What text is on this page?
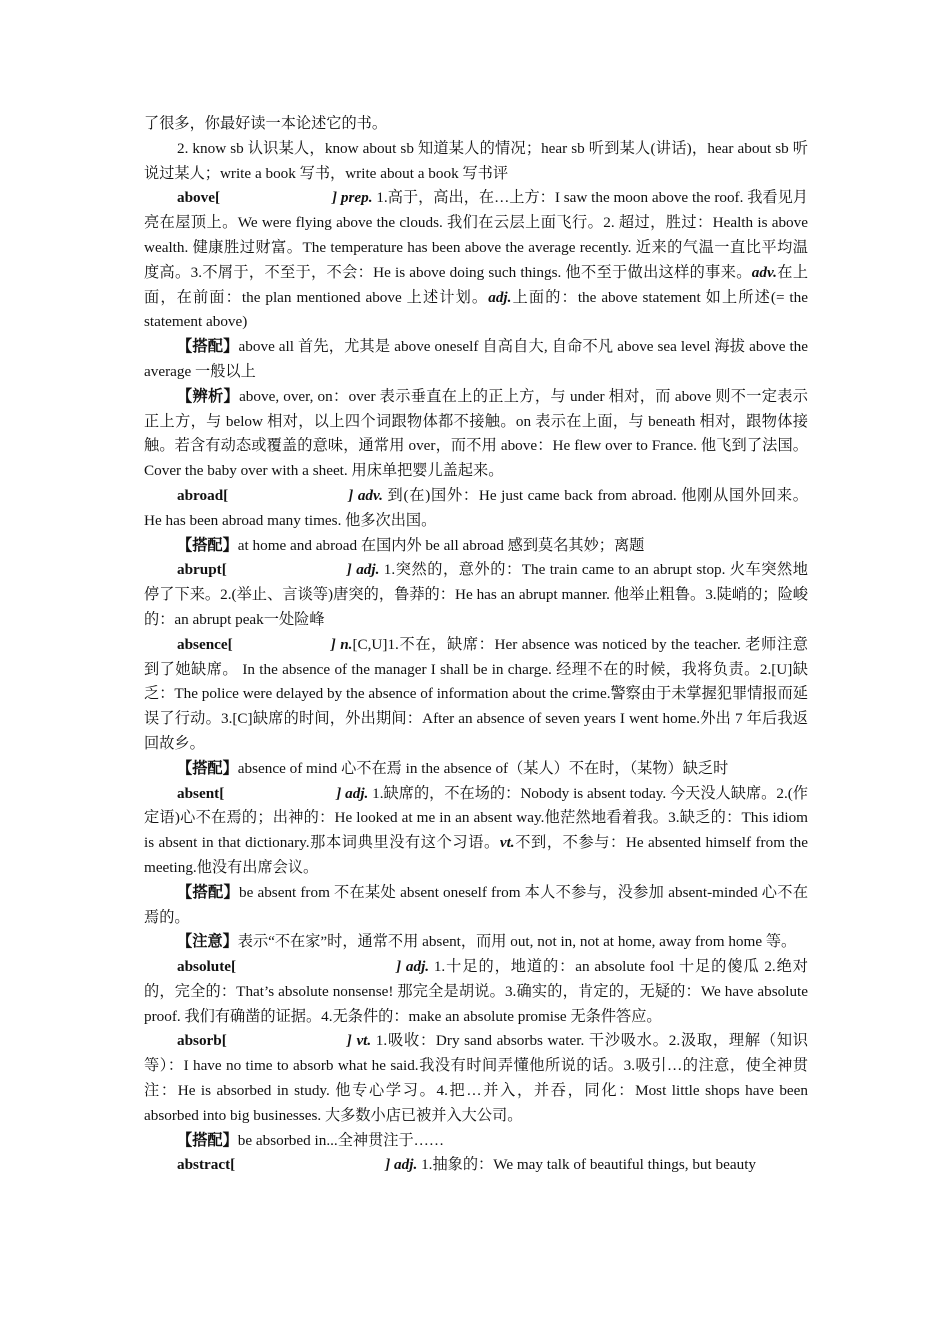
了很多，你最好读一本论述它的书。

2. know sb 认识某人，know about sb 知道某人的情况；hear sb 听到某人(讲话)，hear about sb 听说过某人；write a book 写书，write about a book 写书评

above[	] prep. 1.高于，高出，在…上方：I saw the moon above the roof. 我看见月亮在屋顶上。We were flying above the clouds. 我们在云层上面飞行。2. 超过，胜过：Health is above wealth. 健康胜过财富。The temperature has been above the average recently. 近来的气温一直比平均温度高。3.不屑于，不至于，不会：He is above doing such things. 他不至于做出这样的事来。adv.在上面，在前面：the plan mentioned above 上述计划。adj.上面的：the above statement 如上所述(= the statement above)

【搭配】above all 首先，尤其是 above oneself 自高自大, 自命不凡 above sea level 海拔 above the average 一般以上

【辨析】above, over, on：over 表示垂直在上的正上方，与 under 相对，而 above 则不一定表示正上方，与 below 相对，以上四个词跟物体都不接触。on 表示在上面，与 beneath 相对，跟物体接触。若含有动态或覆盖的意味，通常用 over，而不用 above：He flew over to France. 他飞到了法国。 Cover the baby over with a sheet. 用床单把婴儿盖起来。

abroad[	] adv. 到(在)国外：He just came back from abroad. 他刚从国外回来。He has been abroad many times. 他多次出国。

【搭配】at home and abroad 在国内外 be all abroad 感到莫名其妙；离题

abrupt[	] adj. 1.突然的，意外的：The train came to an abrupt stop. 火车突然地停了下来。2.(举止、言谈等)唐突的，鲁莽的：He has an abrupt manner. 他举止粗鲁。3.陡峭的；险峻的：an abrupt peak一处险峰

absence[	] n.[C,U]1.不在，缺席：Her absence was noticed by the teacher. 老师注意到了她缺席。 In the absence of the manager I shall be in charge. 经理不在的时候，我将负责。2.[U]缺乏：The police were delayed by the absence of information about the crime.警察由于未掌握犯罪情报而延误了行动。3.[C]缺席的时间，外出期间：After an absence of seven years I went home.外出 7 年后我返回故乡。

【搭配】absence of mind 心不在焉 in the absence of（某人）不在时，（某物）缺乏时

absent[	] adj. 1.缺席的，不在场的：Nobody is absent today. 今天没人缺席。2.(作定语)心不在焉的；出神的：He looked at me in an absent way.他茫然地看着我。3.缺乏的：This idiom is absent in that dictionary.那本词典里没有这个习语。vt.不到，不参与：He absented himself from the meeting.他没有出席会议。

【搭配】be absent from 不在某处 absent oneself from 本人不参与，没参加 absent-minded 心不在焉的。

【注意】表示“不在家”时，通常不用 absent，而用 out, not in, not at home, away from home 等。

absolute[	] adj. 1.十足的，地道的：an absolute fool 十足的傻瓜 2.绝对的，完全的：That’s absolute nonsense! 那完全是胡说。3.确实的，肯定的，无疑的：We have absolute proof. 我们有确凿的证据。4.无条件的：make an absolute promise 无条件答应。

absorb[	] vt. 1.吸收：Dry sand absorbs water. 干沙吸水。2.汲取，理解（知识等）：I have no time to absorb what he said.我没有时间弄懂他所说的话。3.吸引…的注意，使全神贯注：He is absorbed in study. 他专心学习。4.把…并入，并吞，同化：Most little shops have been absorbed into big businesses. 大多数小店已被并入大公司。

【搭配】be absorbed in...全神贯注于……

abstract[	] adj. 1.抽象的：We may talk of beautiful things, but beauty
